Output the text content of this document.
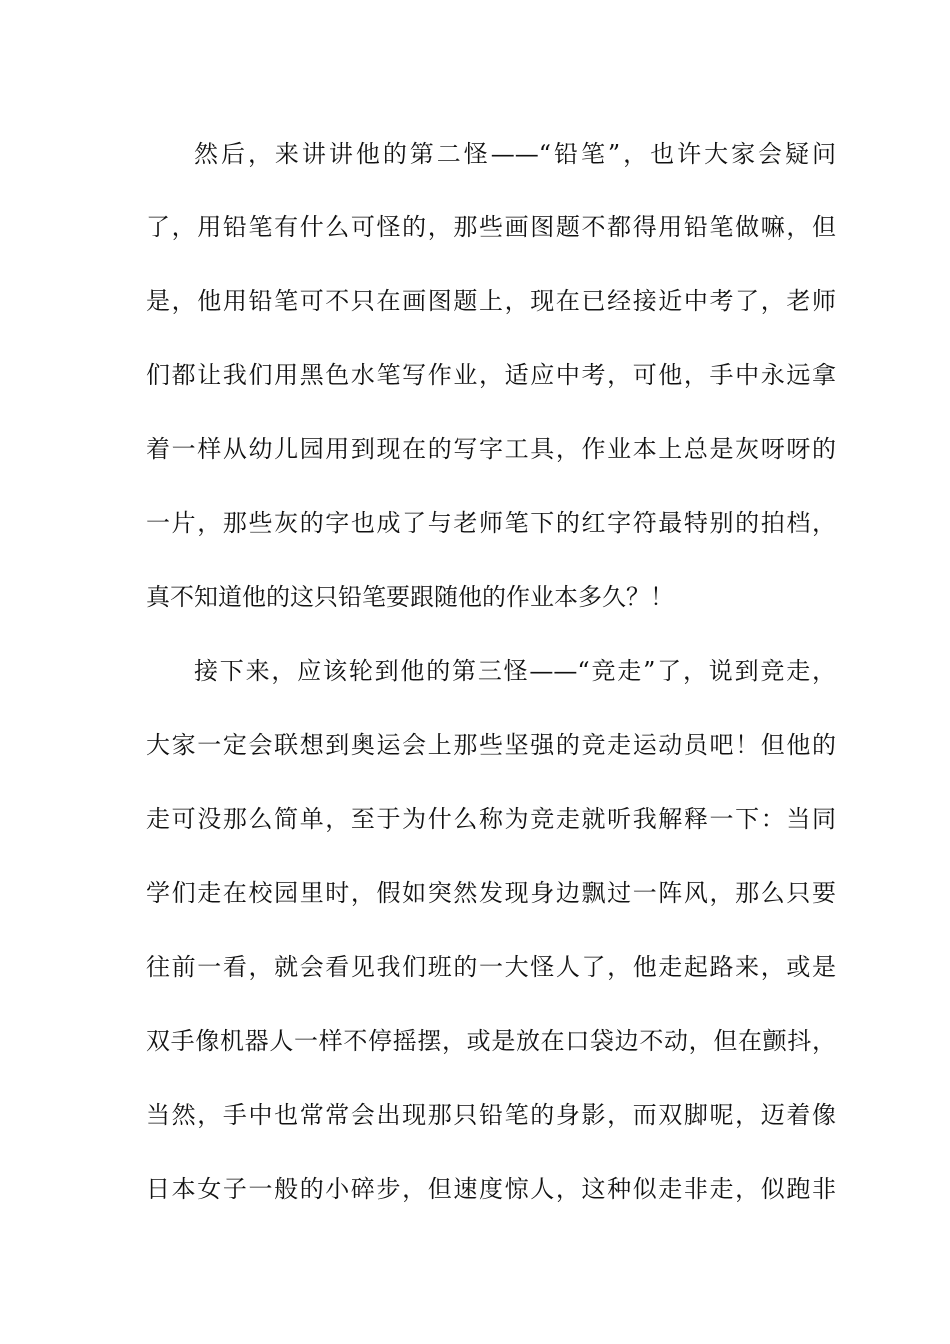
然后，来讲讲他的第二怪——“铅笔”，也许大家会疑问
了，用铅笔有什么可怪的，那些画图题不都得用铅笔做嘛，但
是，他用铅笔可不只在画图题上，现在已经接近中考了，老师
们都让我们用黑色水笔写作业，适应中考，可他，手中永远拿
着一样从幼儿园用到现在的写字工具，作业本上总是灰呀呀的
一片，那些灰的字也成了与老师笔下的红字符最特别的拍档，
真不知道他的这只铅笔要跟随他的作业本多久？！
接下来，应该轮到他的第三怪——“竞走”了，说到竞走，
大家一定会联想到奥运会上那些坚强的竞走运动员吧！但他的
走可没那么简单，至于为什么称为竞走就听我解释一下：当同
学们走在校园里时，假如突然发现身边飘过一阵风，那么只要
往前一看，就会看见我们班的一大怪人了，他走起路来，或是
双手像机器人一样不停摇摆，或是放在口袋边不动，但在颤抖，
当然，手中也常常会出现那只铅笔的身影，而双脚呢，迈着像
日本女子一般的小碎步，但速度惊人，这种似走非走，似跑非
